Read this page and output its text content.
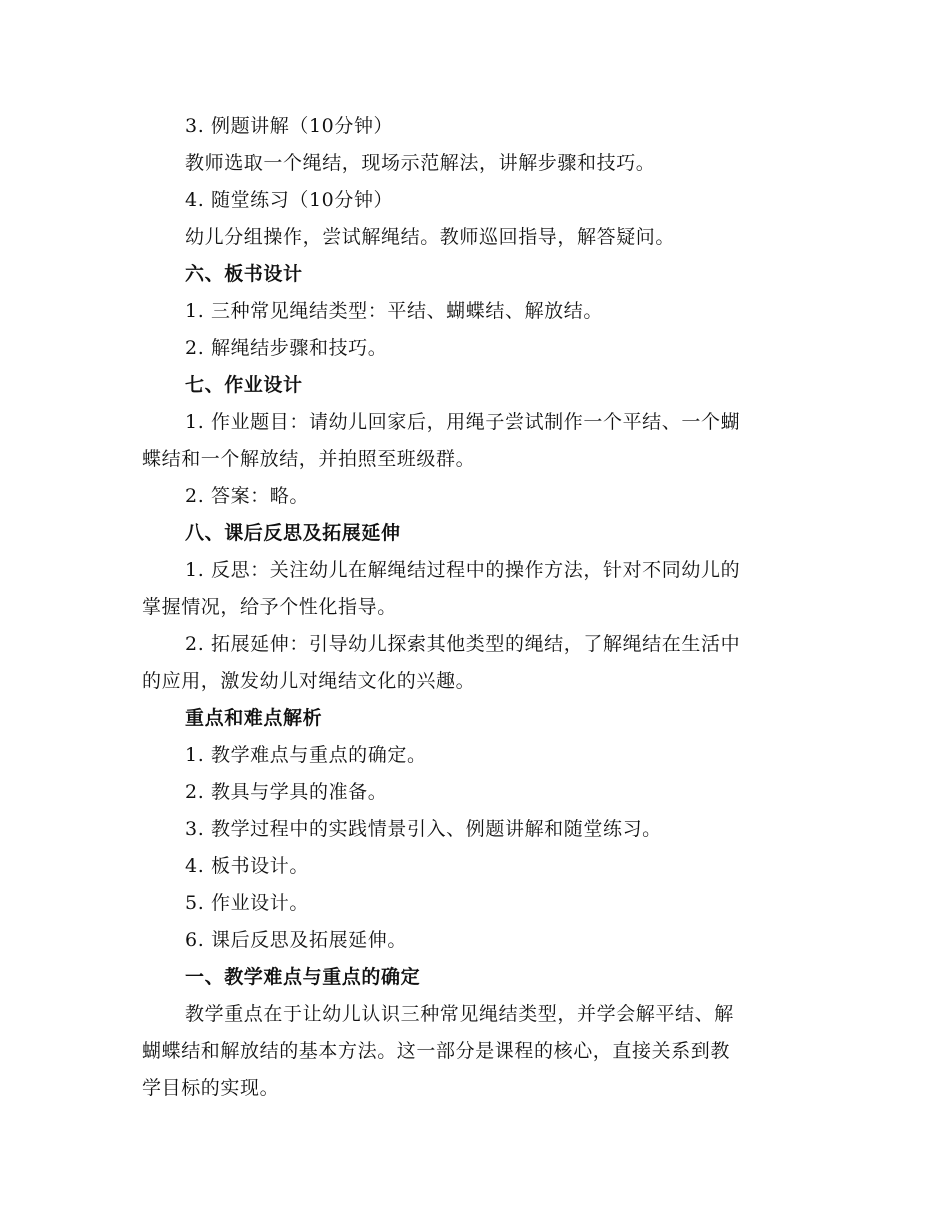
3. 例题讲解（10分钟）
教师选取一个绳结，现场示范解法，讲解步骤和技巧。
4. 随堂练习（10分钟）
幼儿分组操作，尝试解绳结。教师巡回指导，解答疑问。
六、板书设计
1. 三种常见绳结类型：平结、蝴蝶结、解放结。
2. 解绳结步骤和技巧。
七、作业设计
1. 作业题目：请幼儿回家后，用绳子尝试制作一个平结、一个蝴
蝶结和一个解放结，并拍照至班级群。
2. 答案：略。
八、课后反思及拓展延伸
1. 反思：关注幼儿在解绳结过程中的操作方法，针对不同幼儿的
掌握情况，给予个性化指导。
2. 拓展延伸：引导幼儿探索其他类型的绳结，了解绳结在生活中
的应用，激发幼儿对绳结文化的兴趣。
重点和难点解析
1. 教学难点与重点的确定。
2. 教具与学具的准备。
3. 教学过程中的实践情景引入、例题讲解和随堂练习。
4. 板书设计。
5. 作业设计。
6. 课后反思及拓展延伸。
一、教学难点与重点的确定
教学重点在于让幼儿认识三种常见绳结类型，并学会解平结、解
蝴蝶结和解放结的基本方法。这一部分是课程的核心，直接关系到教
学目标的实现。
